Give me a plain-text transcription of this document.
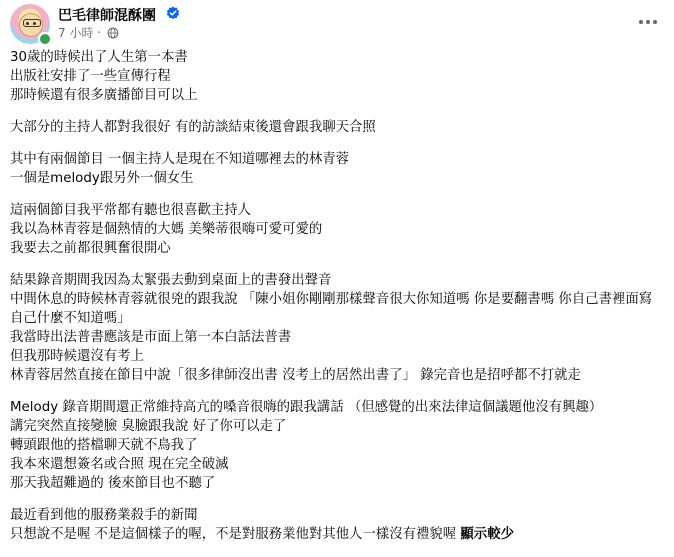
巴毛律師混酥團
7 小時 ·
30歲的時候出了人生第一本書
出版社安排了一些宣傳行程
那時候還有很多廣播節目可以上
大部分的主持人都對我很好 有的訪談結束後還會跟我聊天合照
其中有兩個節目 一個主持人是現在不知道哪裡去的林青蓉
一個是melody跟另外一個女生
這兩個節目我平常都有聽也很喜歡主持人
我以為林青蓉是個熱情的大媽 美樂蒂很嗨可愛可愛的
我要去之前都很興奮很開心
結果錄音期間我因為太緊張去動到桌面上的書發出聲音
中間休息的時候林青蓉就很兇的跟我說 「陳小姐你剛剛那樣聲音很大你知道嗎 你是要翻書嗎 你自己書裡面寫自己什麼不知道嗎」
我當時出法普書應該是市面上第一本白話法普書
但我那時候還沒有考上
林青蓉居然直接在節目中說「很多律師沒出書 沒考上的居然出書了」 錄完音也是招呼都不打就走
Melody 錄音期間還正常維持高亢的嗓音很嗨的跟我講話 （但感覺的出來法律這個議題他沒有興趣）
講完突然直接變臉 臭臉跟我說 好了你可以走了
轉頭跟他的搭檔聊天就不鳥我了
我本來還想簽名或合照 現在完全破滅
那天我超難過的 後來節目也不聽了
最近看到他的服務業殺手的新聞
只想說不是喔 不是這個樣子的喔，不是對服務業他對其他人一樣沒有禮貌喔 顯示較少
